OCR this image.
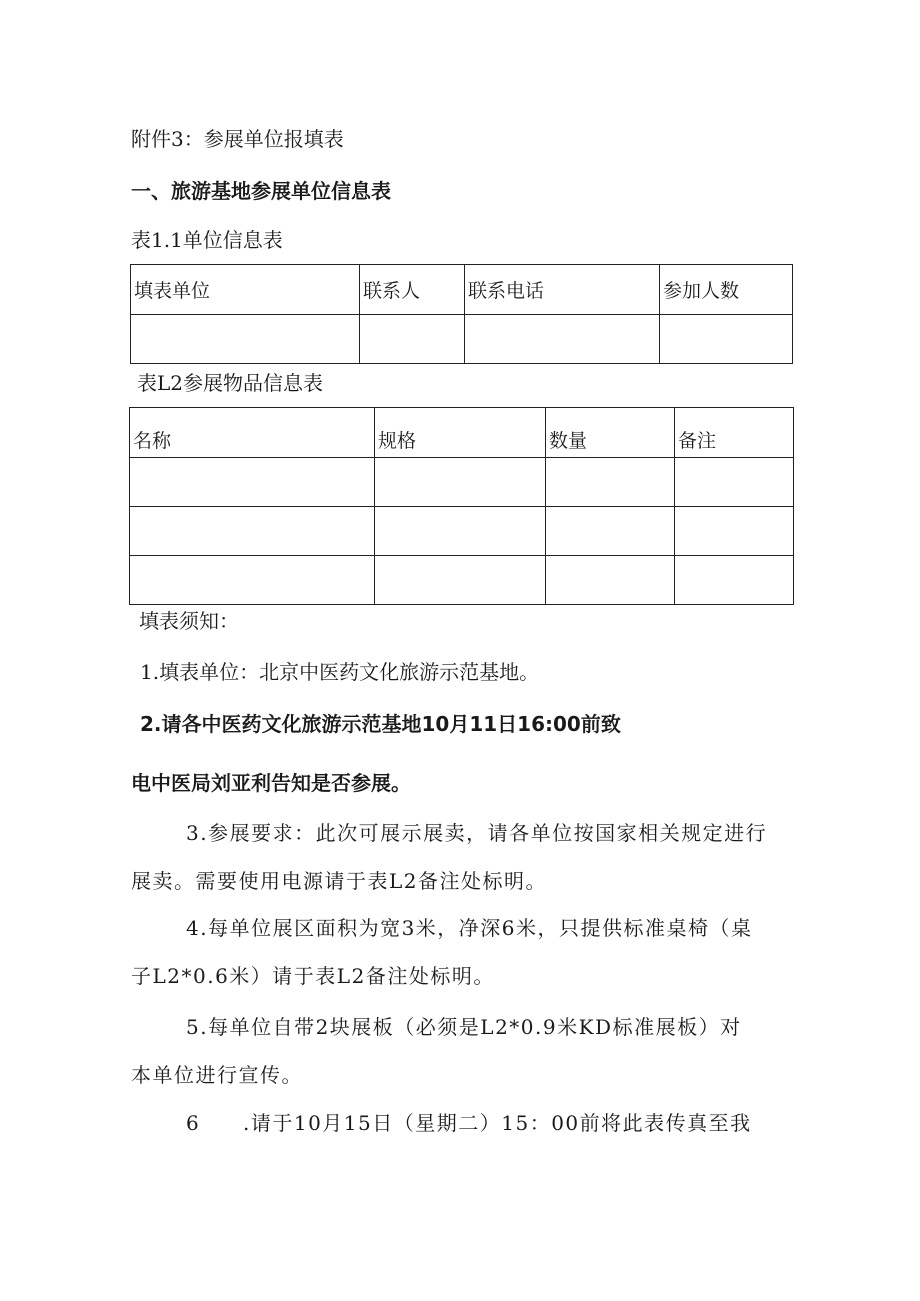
附件3：参展单位报填表
一、旅游基地参展单位信息表
表1.1单位信息表
填表单位	联系人	联系电话	参加人数

表L2参展物品信息表
名称	规格	数量	备注

填表须知：
1.填表单位：北京中医药文化旅游示范基地。
2.请各中医药文化旅游示范基地10月11日16:00前致
电中医局刘亚利告知是否参展。
3.参展要求：此次可展示展卖，请各单位按国家相关规定进行
展卖。需要使用电源请于表L2备注处标明。
4.每单位展区面积为宽3米，净深6米，只提供标准桌椅（桌
子L2*0.6米）请于表L2备注处标明。
5.每单位自带2块展板（必须是L2*0.9米KD标准展板）对
本单位进行宣传。
6 .请于10月15日（星期二）15：00前将此表传真至我
